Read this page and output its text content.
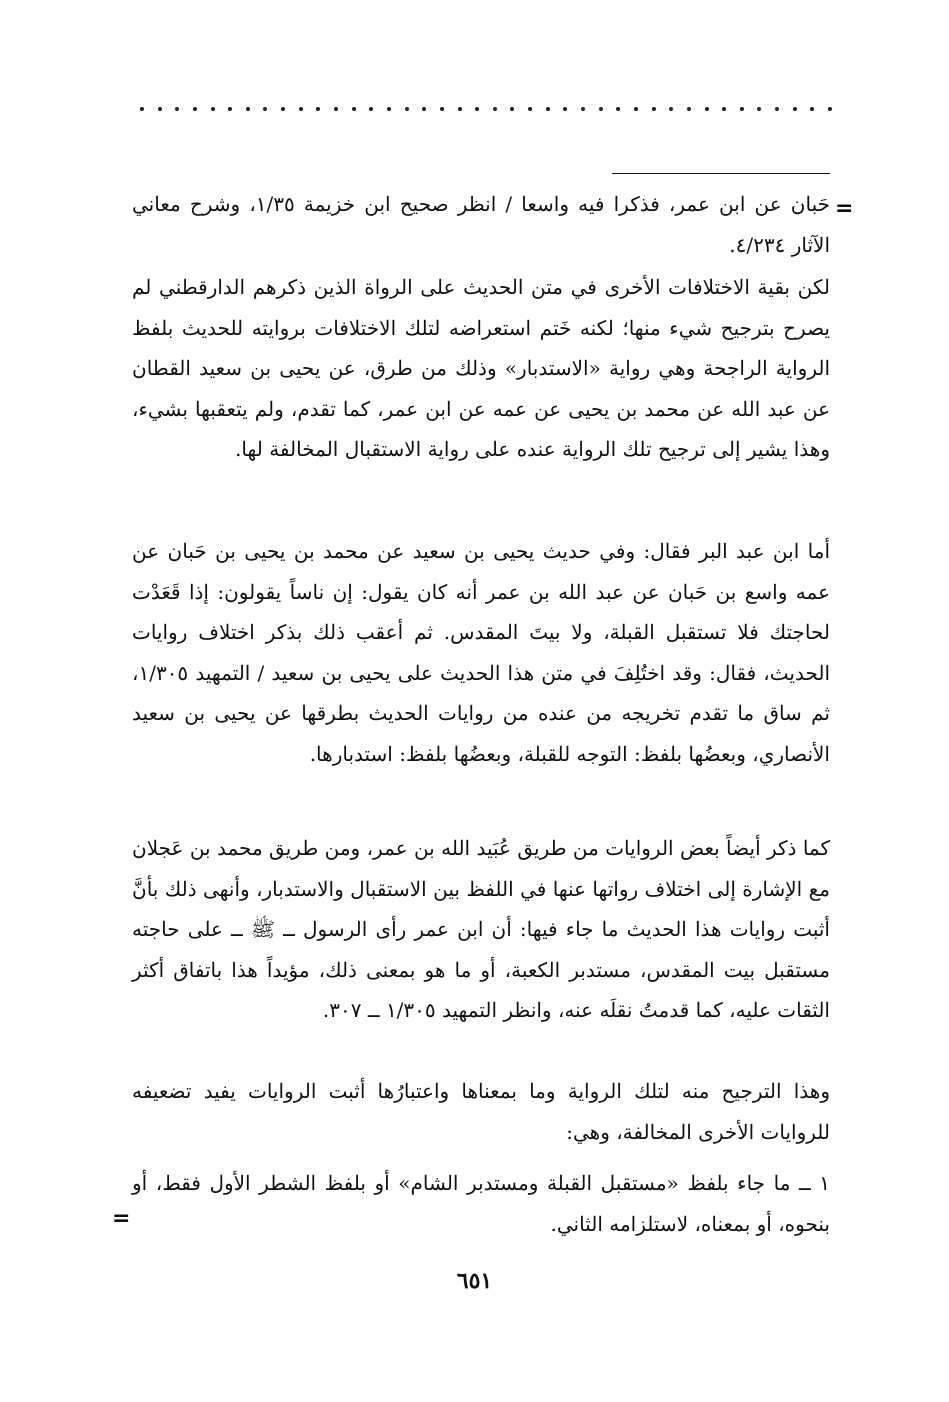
=

حَبان عن ابن عمر، فذكرا فيه واسعا / انظر صحيح ابن خزيمة ١/٣٥، وشرح معاني الآثار ٤/٢٣٤.

لكن بقية الاختلافات الأخرى في متن الحديث على الرواة الذين ذكرهم الدارقطني لم يصرح بترجيح شيء منها؛ لكنه خَتم استعراضه لتلك الاختلافات بروايته للحديث بلفظ الرواية الراجحة وهي رواية «الاستدبار» وذلك من طرق، عن يحيى بن سعيد القطان عن عبد الله عن محمد بن يحيى عن عمه عن ابن عمر، كما تقدم، ولم يتعقبها بشيء، وهذا يشير إلى ترجيح تلك الرواية عنده على رواية الاستقبال المخالفة لها.

أما ابن عبد البر فقال: وفي حديث يحيى بن سعيد عن محمد بن يحيى بن حَبان عن عمه واسع بن حَبان عن عبد الله بن عمر أنه كان يقول: إن ناساً يقولون: إذا قَعَدْت لحاجتك فلا تستقبل القبلة، ولا بيتَ المقدس. ثم أعقب ذلك بذكر اختلاف روايات الحديث، فقال: وقد اختُلِفَ في متن هذا الحديث على يحيى بن سعيد / التمهيد ١/٣٠٥، ثم ساق ما تقدم تخريجه من عنده من روايات الحديث بطرقها عن يحيى بن سعيد الأنصاري، وبعضُها بلفظ: التوجه للقبلة، وبعضُها بلفظ: استدبارها.

كما ذكر أيضاً بعض الروايات من طريق عُبَيد الله بن عمر، ومن طريق محمد بن عَجلان مع الإشارة إلى اختلاف رواتها عنها في اللفظ بين الاستقبال والاستدبار، وأنهى ذلك بأنَّ أثبت روايات هذا الحديث ما جاء فيها: أن ابن عمر رأى الرسول ــ ﷺ ــ على حاجته مستقبل بيت المقدس، مستدبر الكعبة، أو ما هو بمعنى ذلك، مؤيداً هذا باتفاق أكثر الثقات عليه، كما قدمتُ نقلَه عنه، وانظر التمهيد ١/٣٠٥ ــ ٣٠٧.

وهذا الترجيح منه لتلك الرواية وما بمعناها واعتبارُها أثبت الروايات يفيد تضعيفه للروايات الأخرى المخالفة، وهي:

١ ــ ما جاء بلفظ «مستقبل القبلة ومستدبر الشام» أو بلفظ الشطر الأول فقط، أو بنحوه، أو بمعناه، لاستلزامه الثاني.

=
٦٥١
